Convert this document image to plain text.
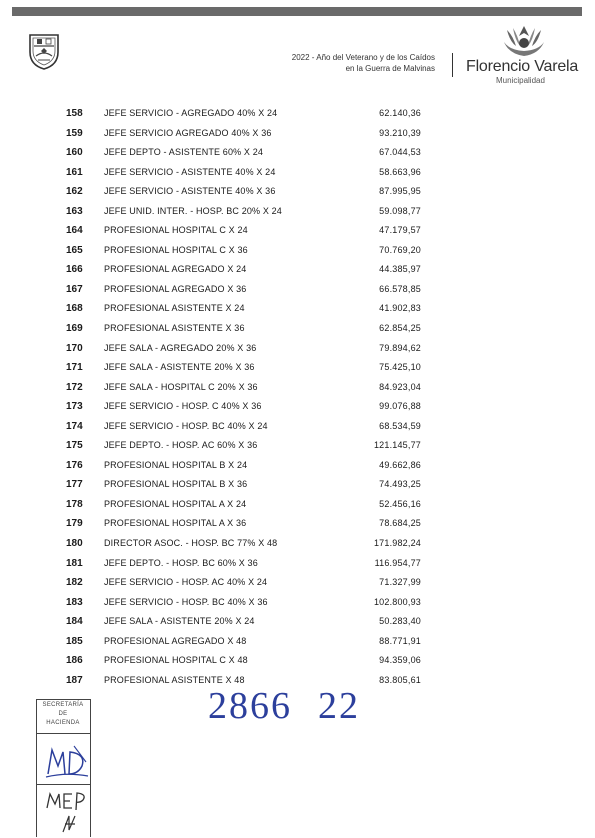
2022 - Año del Veterano y de los Caídos
en la Guerra de Malvinas Florencio Varela
Municipalidad
158 JEFE SERVICIO - AGREGADO 40% X 24	62.140,36
159 JEFE SERVICIO AGREGADO 40% X 36	93.210,39
160 JEFE DEPTO - ASISTENTE 60% X 24	67.044,53
161 JEFE SERVICIO - ASISTENTE 40% X 24	58.663,96
162 JEFE SERVICIO - ASISTENTE 40% X 36	87.995,95
163 JEFE UNID. INTER. - HOSP. BC 20% X 24	59.098,77
164 PROFESIONAL HOSPITAL C X 24	47.179,57
165 PROFESIONAL HOSPITAL C X 36	70.769,20
166 PROFESIONAL AGREGADO X 24	44.385,97
167 PROFESIONAL AGREGADO X 36	66.578,85
168 PROFESIONAL ASISTENTE X 24	41.902,83
169 PROFESIONAL ASISTENTE X 36	62.854,25
170 JEFE SALA - AGREGADO 20% X 36	79.894,62
171 JEFE SALA - ASISTENTE 20% X 36	75.425,10
172 JEFE SALA - HOSPITAL C 20% X 36	84.923,04
173 JEFE SERVICIO - HOSP. C 40% X 36	99.076,88
174 JEFE SERVICIO - HOSP. BC 40% X 24	68.534,59
175 JEFE DEPTO. - HOSP. AC 60% X 36	121.145,77
176 PROFESIONAL HOSPITAL B X 24	49.662,86
177 PROFESIONAL HOSPITAL B X 36	74.493,25
178 PROFESIONAL HOSPITAL A X 24	52.456,16
179 PROFESIONAL HOSPITAL A X 36	78.684,25
180 DIRECTOR ASOC. - HOSP. BC 77% X 48	171.982,24
181 JEFE DEPTO. - HOSP. BC 60% X 36	116.954,77
182 JEFE SERVICIO - HOSP. AC 40% X 24	71.327,99
183 JEFE SERVICIO - HOSP. BC 40% X 36	102.800,93
184 JEFE SALA - ASISTENTE 20% X 24	50.283,40
185 PROFESIONAL AGREGADO X 48	88.771,91
186 PROFESIONAL HOSPITAL C X 48	94.359,06
187 PROFESIONAL ASISTENTE X 48	83.805,61
2866 22
SECRETARÍA
DE
HACIENDA
